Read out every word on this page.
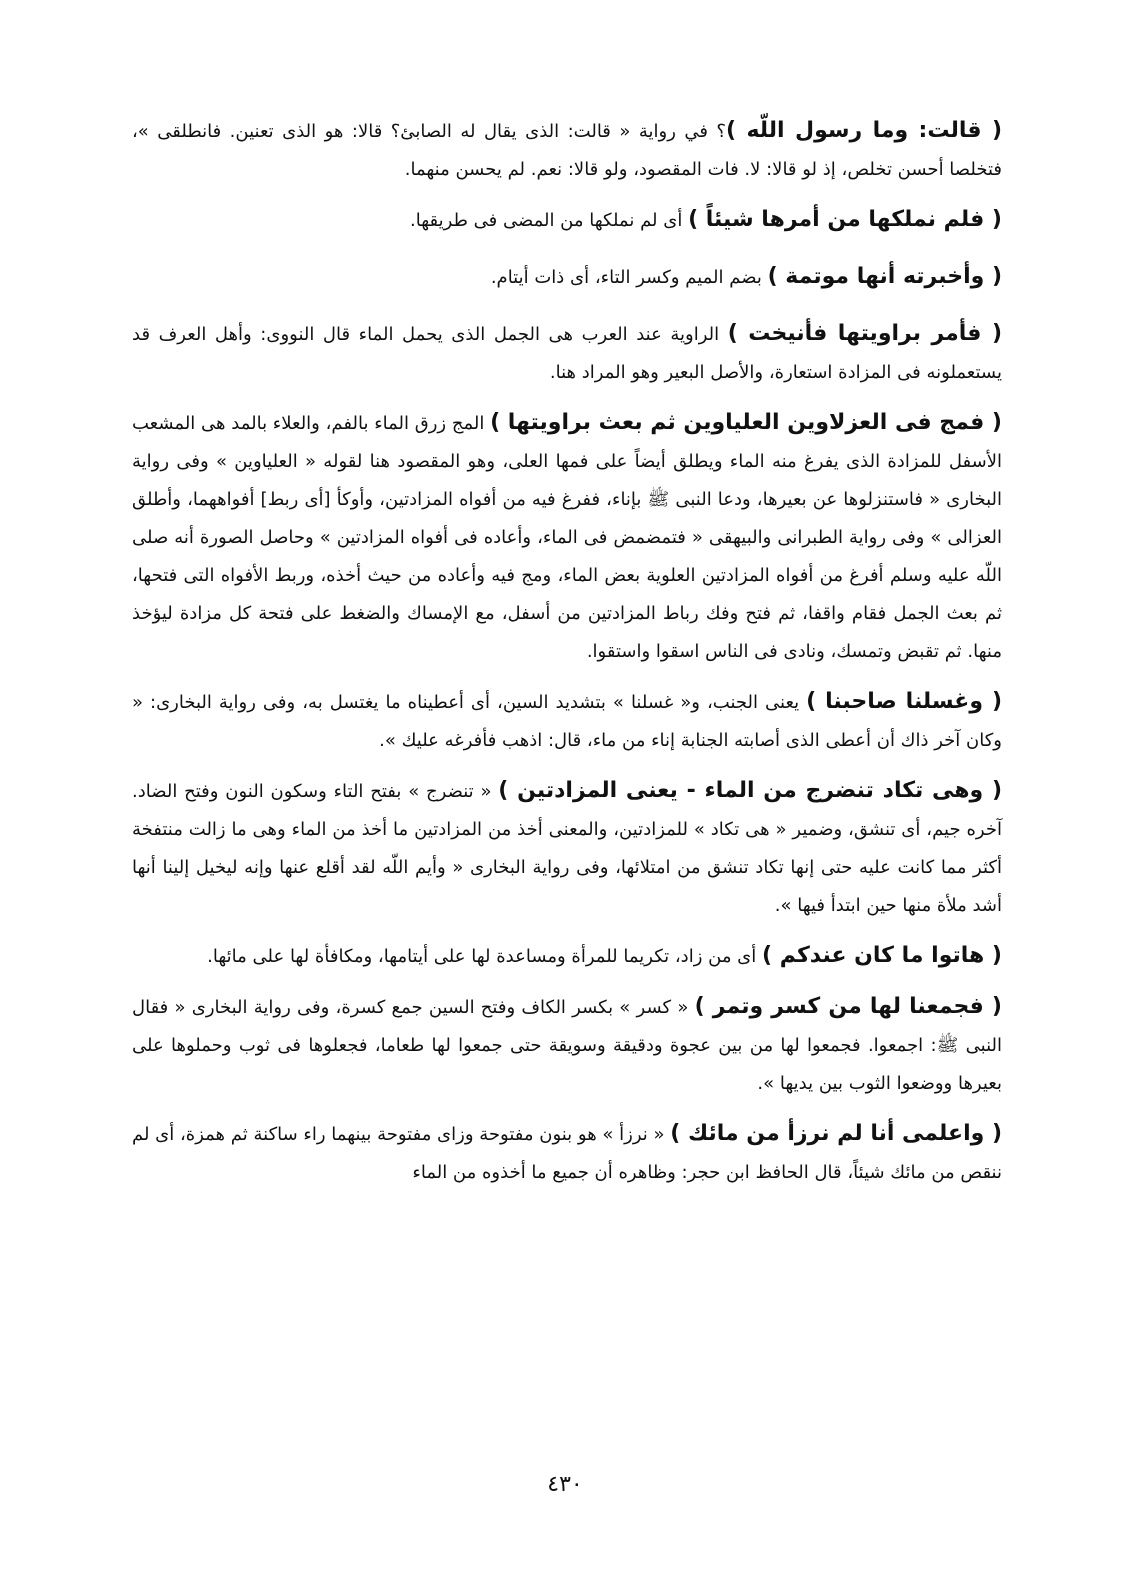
( قالت: وما رسول اللّه )؟ في رواية « قالت: الذى يقال له الصابئ؟ قالا: هو الذى تعنين. فانطلقى »، فتخلصا أحسن تخلص، إذ لو قالا: لا. فات المقصود، ولو قالا: نعم. لم يحسن منهما.

( فلم نملكها من أمرها شيئاً ) أى لم نملكها من المضى فى طريقها.

( وأخبرته أنها موتمة ) بضم الميم وكسر التاء، أى ذات أيتام.

( فأمر براويتها فأنيخت ) الراوية عند العرب هى الجمل الذى يحمل الماء قال النووى: وأهل العرف قد يستعملونه فى المزادة استعارة، والأصل البعير وهو المراد هنا.

( فمج فى العزلاوين العلياوين ثم بعث براويتها ) المج زرق الماء بالفم، والعلاء بالمد هى المشعب الأسفل للمزادة الذى يفرغ منه الماء ويطلق أيضاً على فمها العلى، وهو المقصود هنا لقوله « العلياوين » وفى رواية البخارى « فاستنزلوها عن بعيرها، ودعا النبى ﷺ بإناء، ففرغ فيه من أفواه المزادتين، وأوكأ [أى ربط] أفواههما، وأطلق العزالى » وفى رواية الطبرانى والبيهقى « فتمضمض فى الماء، وأعاده فى أفواه المزادتين » وحاصل الصورة أنه صلى اللّه عليه وسلم أفرغ من أفواه المزادتين العلوية بعض الماء، ومج فيه وأعاده من حيث أخذه، وربط الأفواه التى فتحها، ثم بعث الجمل فقام واقفا، ثم فتح وفك رباط المزادتين من أسفل، مع الإمساك والضغط على فتحة كل مزادة ليؤخذ منها. ثم تقبض وتمسك، ونادى فى الناس اسقوا واستقوا.

( وغسلنا صاحبنا ) يعنى الجنب، و« غسلنا » بتشديد السين، أى أعطيناه ما يغتسل به، وفى رواية البخارى: « وكان آخر ذاك أن أعطى الذى أصابته الجنابة إناء من ماء، قال: اذهب فأفرغه عليك ».

( وهى تكاد تنضرج من الماء - يعنى المزادتين ) « تنضرج » بفتح التاء وسكون النون وفتح الضاد. آخره جيم، أى تنشق، وضمير « هى تكاد » للمزادتين، والمعنى أخذ من المزادتين ما أخذ من الماء وهى ما زالت منتفخة أكثر مما كانت عليه حتى إنها تكاد تنشق من امتلائها، وفى رواية البخارى « وأيم اللّه لقد أقلع عنها وإنه ليخيل إلينا أنها أشد ملأة منها حين ابتدأ فيها ».

( هاتوا ما كان عندكم ) أى من زاد، تكريما للمرأة ومساعدة لها على أيتامها، ومكافأة لها على مائها.

( فجمعنا لها من كسر وتمر ) « كسر » بكسر الكاف وفتح السين جمع كسرة، وفى رواية البخارى « فقال النبى ﷺ: اجمعوا. فجمعوا لها من بين عجوة ودقيقة وسويقة حتى جمعوا لها طعاما، فجعلوها فى ثوب وحملوها على بعيرها ووضعوا الثوب بين يديها ».

( واعلمى أنا لم نرزأ من مائك ) « نرزأ » هو بنون مفتوحة وزاى مفتوحة بينهما راء ساكنة ثم همزة، أى لم ننقص من مائك شيئاً، قال الحافظ ابن حجر: وظاهره أن جميع ما أخذوه من الماء

٤٣٠
